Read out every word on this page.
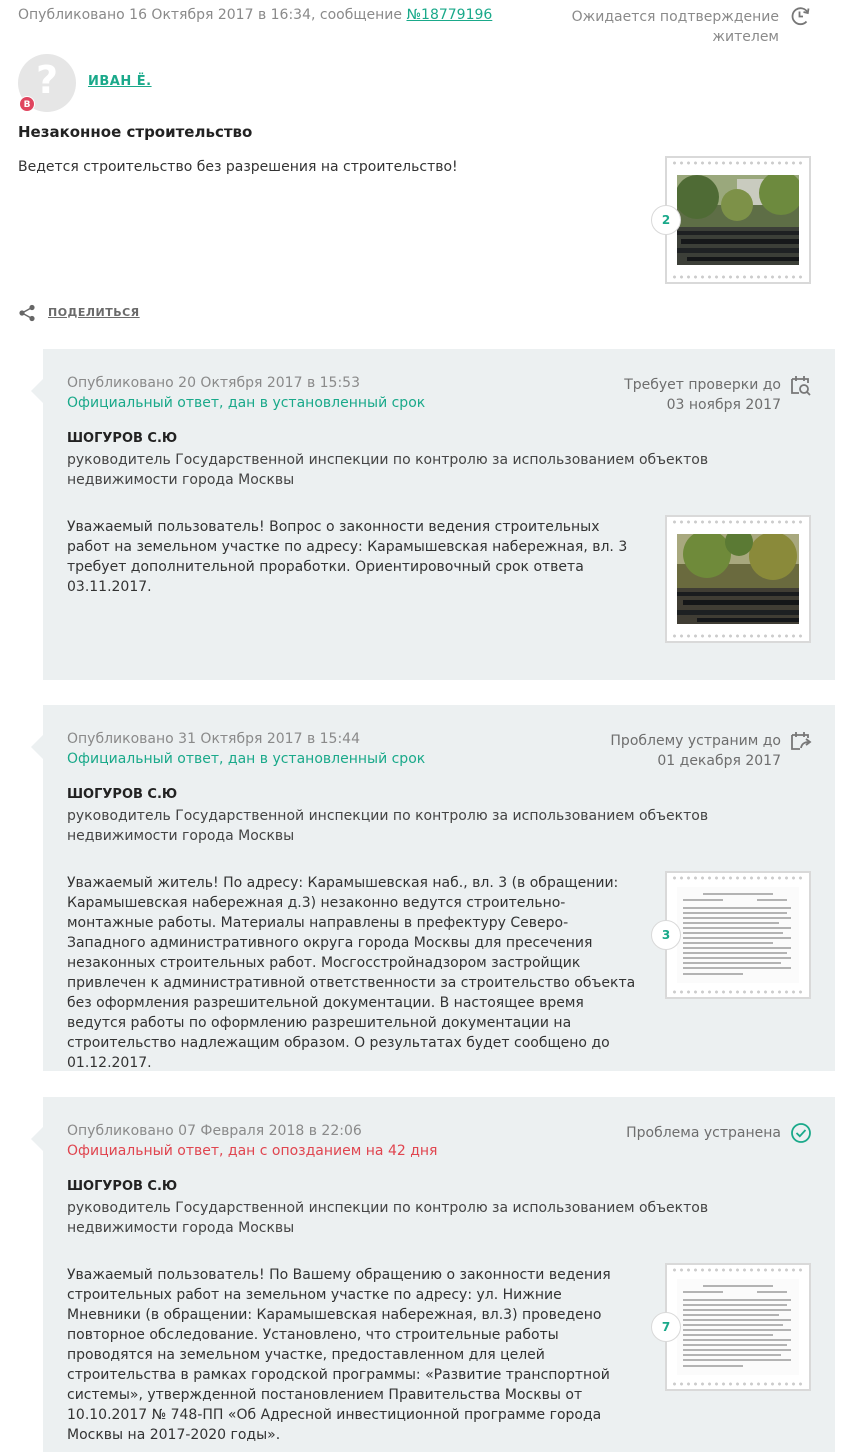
Опубликовано 16 Октября 2017 в 16:34, сообщение №18779196	Ожидается подтверждение жителем
?
В
ИВАН Ё.
Незаконное строительство
Ведется строительство без разрешения на строительство!
2
ПОДЕЛИТЬСЯ
Опубликовано 20 Октября 2017 в 15:53
Официальный ответ, дан в установленный срок
Требует проверки до
03 ноября 2017
ШОГУРОВ С.Ю
руководитель Государственной инспекции по контролю за использованием объектов недвижимости города Москвы
Уважаемый пользователь! Вопрос о законности ведения строительных работ на земельном участке по адресу: Карамышевская набережная, вл. 3 требует дополнительной проработки. Ориентировочный срок ответа 03.11.2017.
Опубликовано 31 Октября 2017 в 15:44
Официальный ответ, дан в установленный срок
Проблему устраним до
01 декабря 2017
ШОГУРОВ С.Ю
руководитель Государственной инспекции по контролю за использованием объектов недвижимости города Москвы
Уважаемый житель! По адресу: Карамышевская наб., вл. 3 (в обращении: Карамышевская набережная д.3) незаконно ведутся строительно-монтажные работы. Материалы направлены в префектуру Северо-Западного административного округа города Москвы для пресечения незаконных строительных работ. Мосгосстройнадзором застройщик привлечен к административной ответственности за строительство объекта без оформления разрешительной документации. В настоящее время ведутся работы по оформлению разрешительной документации на строительство надлежащим образом. О результатах будет сообщено до 01.12.2017.
3
Опубликовано 07 Февраля 2018 в 22:06
Официальный ответ, дан с опозданием на 42 дня
Проблема устранена
ШОГУРОВ С.Ю
руководитель Государственной инспекции по контролю за использованием объектов недвижимости города Москвы
Уважаемый пользователь! По Вашему обращению о законности ведения строительных работ на земельном участке по адресу: ул. Нижние Мневники (в обращении: Карамышевская набережная, вл.3) проведено повторное обследование. Установлено, что строительные работы проводятся на земельном участке, предоставленном для целей строительства в рамках городской программы: «Развитие транспортной системы», утвержденной постановлением Правительства Москвы от 10.10.2017 № 748-ПП «Об Адресной инвестиционной программе города Москвы на 2017-2020 годы».
7
